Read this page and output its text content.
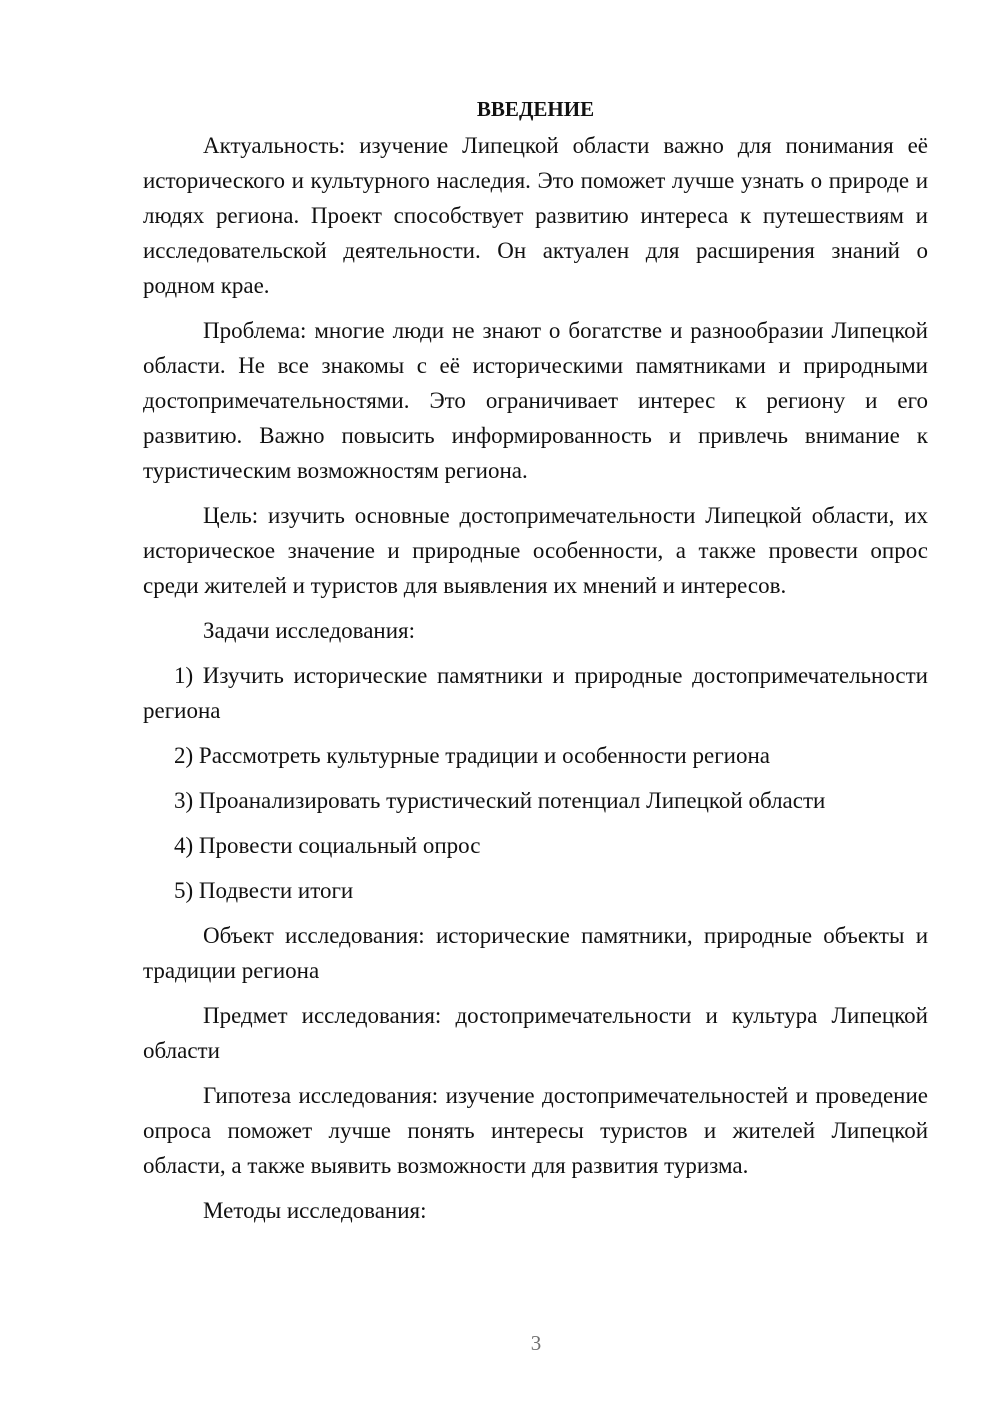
ВВЕДЕНИЕ

Актуальность: изучение Липецкой области важно для понимания её исторического и культурного наследия. Это поможет лучше узнать о природе и людях региона. Проект способствует развитию интереса к путешествиям и исследовательской деятельности. Он актуален для расширения знаний о родном крае.

Проблема: многие люди не знают о богатстве и разнообразии Липецкой области. Не все знакомы с её историческими памятниками и природными достопримечательностями. Это ограничивает интерес к региону и его развитию. Важно повысить информированность и привлечь внимание к туристическим возможностям региона.

Цель: изучить основные достопримечательности Липецкой области, их историческое значение и природные особенности, а также провести опрос среди жителей и туристов для выявления их мнений и интересов.

Задачи исследования:

1) Изучить исторические памятники и природные достопримечательности региона

2) Рассмотреть культурные традиции и особенности региона

3) Проанализировать туристический потенциал Липецкой области

4) Провести социальный опрос

5) Подвести итоги

Объект исследования: исторические памятники, природные объекты и традиции региона

Предмет исследования: достопримечательности и культура Липецкой области

Гипотеза исследования: изучение достопримечательностей и проведение опроса поможет лучше понять интересы туристов и жителей Липецкой области, а также выявить возможности для развития туризма.

Методы исследования:

3
